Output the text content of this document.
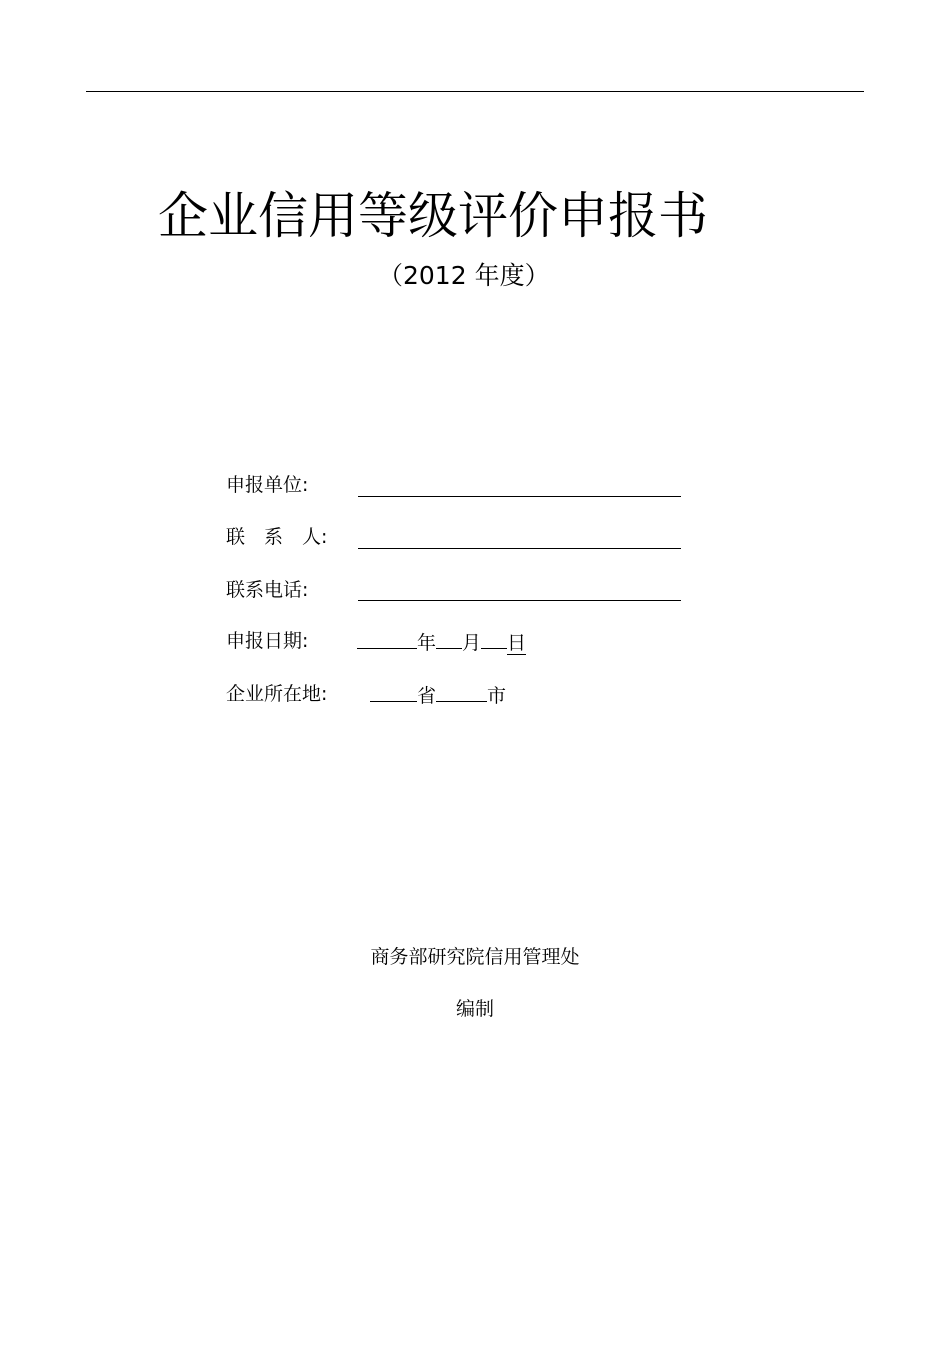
企业信用等级评价申报书
（2012 年度）
申报单位:
联　系　人:
联系电话:
申报日期:	年 月 日
企业所在地:	省	市
商务部研究院信用管理处
编制
